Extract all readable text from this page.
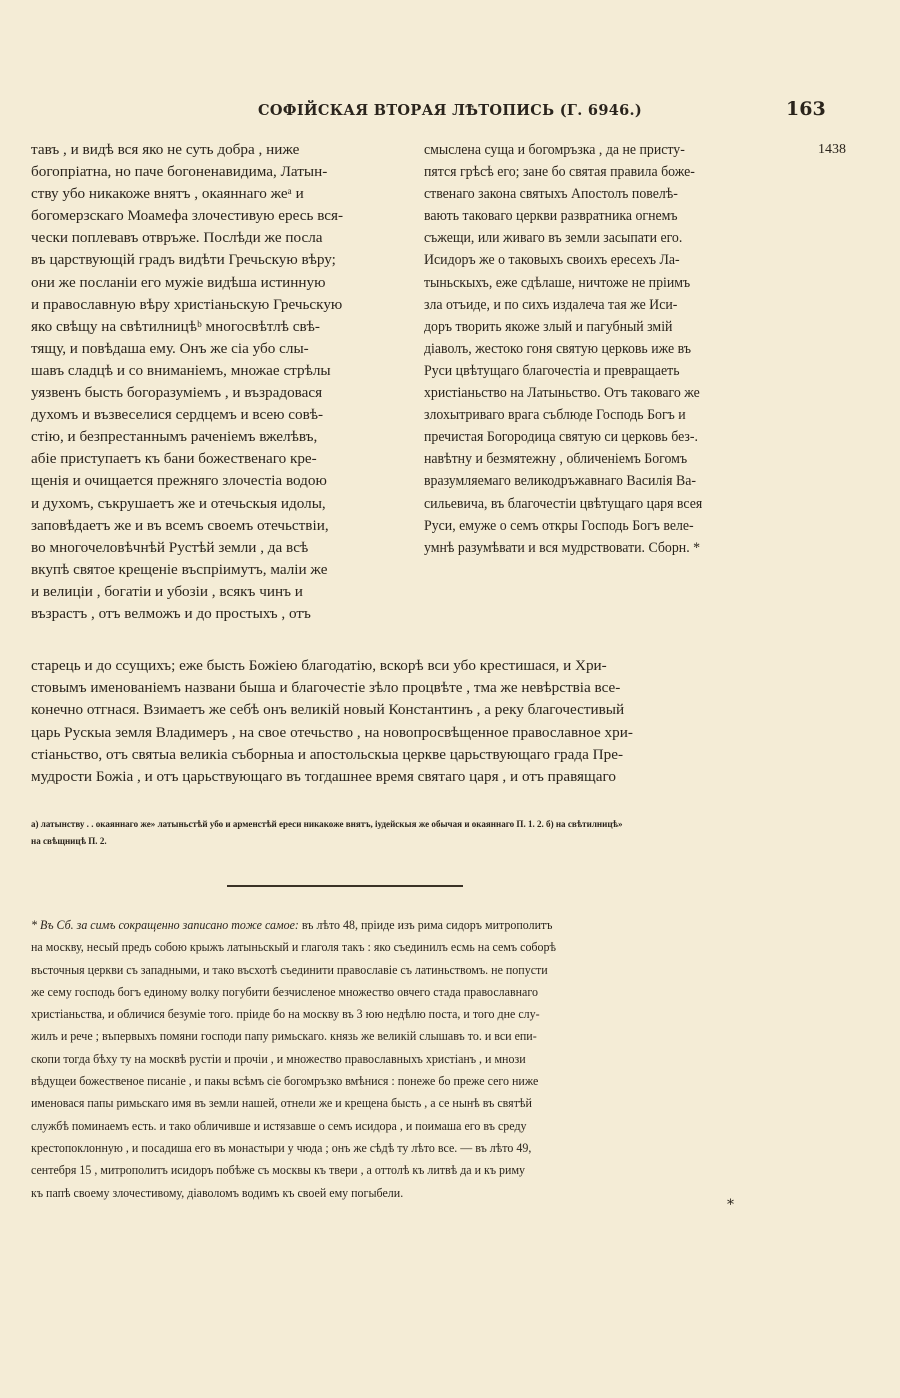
СОФІЙСКАЯ ВТОРАЯ ЛѢТОПИСЬ (Г. 6946.)	163
1438
тавъ , и видѣ вся яко не суть добра , ниже
богопріатна, но паче богоненавидима, Латын-
ству убо никакоже внятъ , окаяннаго жеᵃ и
богомерзскаго Моамефа злочестивую ересь вся-
чески поплевавъ отвръже. Послѣди же посла
въ царствующій градъ видѣти Гречьскую вѣру;
они же посланіи его мужіе видѣша истинную
и православную вѣру христіаньскую Гречьскую
яко свѣщу на свѣтилницѣᵇ многосвѣтлѣ свѣ-
тящу, и повѣдаша ему. Онъ же сіа убо слы-
шавъ сладцѣ и со вниманіемъ, множае стрѣлы
уязвенъ бысть богоразуміемъ , и възрадовася
духомъ и възвеселися сердцемъ и всею совѣ-
стію, и безпрестаннымъ раченіемъ вжелѣвъ,
абіе приступаетъ къ бани божественаго кре-
щенія и очищается прежняго злочестіа водою
и духомъ, съкрушаетъ же и отечьскыя идолы,
заповѣдаетъ же и въ всемъ своемъ отечьствіи,
во многочеловѣчнѣй Рустѣй земли , да вcѣ
вкупѣ святое крещеніе въспріимутъ, маліи же
и велиціи , богатіи и убозіи , всякъ чинъ и
възрастъ , отъ велможъ и до простыхъ , отъ
смыслена суща и богомръзка , да не присту-
пятся грѣсѣ его; зане бо святая правила боже-
ственаго закона святыхъ Апостолъ повелѣ-
вають таковаго церкви развратника огнемъ
съжещи, или живаго въ земли засыпати его.
Исидоръ же о таковыхъ своихъ ересехъ Ла-
тыньскыхъ, еже сдѣлаше, ничтоже не пріимъ
зла отъиде, и по сихъ издалеча тая же Иси-
доръ творить якоже злый и пагубный змій
діаволъ, жестоко гоня святую церковь иже въ
Руси цвѣтущаго благочестіа и превращаеть
христіаньство на Латыньство. Отъ таковаго же
злохытриваго врага съблюде Господь Богъ и
пречистая Богородица святую си церковь без-.
навѣтну и безмятежну , обличеніемъ Богомъ
вразумляемаго великодръжавнаго Василія Ва-
сильевича, въ благочестіи цвѣтущаго царя всея
Руси, емуже о семъ откры Господь Богъ веле-
умнѣ разумѣвати и вся мудрствовати. Сборн. *
старець и до ссущихъ; еже бысть Божіею благодатію, вскорѣ вси убо крестишася, и Хри-
стовымъ именованіемъ названи быша и благочестіе зѣло процвѣте , тма же невѣрствіа все-
конечно отгнася. Взимаетъ же себѣ онъ великій новый Константинъ , а реку благочестивый
царь Рускыа земля Владимеръ , на свое отечьство , на новопросвѣщенное православное хри-
стіаньство, отъ святыа великіа съборныа и апостольскыа церкве царьствующаго града Пре-
мудрости Божіа , и отъ царьствующаго въ тогдашнее время святаго царя , и отъ правящаго
а) латынству . . окаяннаго же» латыньстѣй убо и арменстѣй ереси никакоже внятъ, іудейскыя же обычая и окаяннаго П. 1. 2. б) на свѣтилницѣ»
на свѣщницѣ П. 2.
* Въ Сб. за симъ сокращенно записано тоже самое: въ лѣто 48, пріиде изъ рима сидоръ митрополитъ
на москву, несый предъ собою крыжъ латыньскый и глаголя такъ : яко съединилъ есмь на семъ соборѣ
въсточныя церкви съ западными, и тако въсхотѣ съединити православіе съ латиньствомъ. не попусти
же сему господь богъ единому волку погубити безчисленое множество овчего стада православнаго
христіаньства, и обличися безуміе того. пріиде бо на москву въ 3 юю недѣлю поста, и того дне слу-
жилъ и рече ; въпервыхъ помяни господи папу римьскаго. князь же великій слышавъ то. и вси епи-
скопи тогда бѣху ту на москвѣ рустіи и прочіи , и множество православныхъ христіанъ , и мнози
вѣдущеи божественое писаніе , и пакы всѣмъ сіе богомръзко вмѣнися : понеже бо преже сего ниже
именовася папы римьскаго имя въ земли нашей, отнели же и крещена бысть , а се нынѣ въ святѣй
службѣ поминаемъ есть. и тако обличивше и истязавше о семъ исидора , и поимаша его въ среду
крестопоклонную , и посадиша его въ монастыри у чюда ; онъ же сѣдѣ ту лѣто все. — въ лѣто 49,
сентебря 15 , митрополитъ исидоръ побѣже съ москвы къ твери , а оттолѣ къ литвѣ да и къ риму
къ папѣ своему злочестивому, діаволомъ водимъ къ своей ему погыбели.
*
